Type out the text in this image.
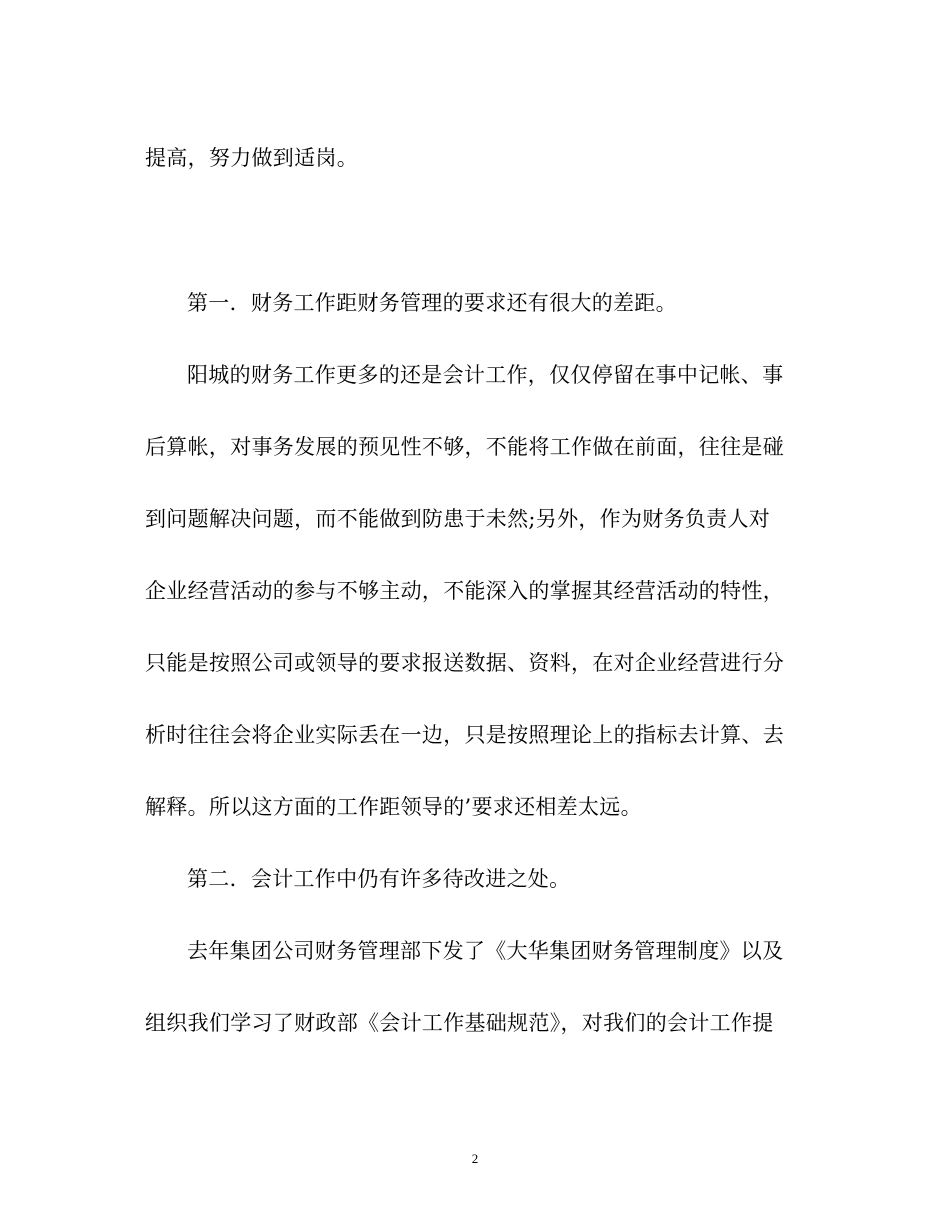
提高，努力做到适岗。
第一．财务工作距财务管理的要求还有很大的差距。
阳城的财务工作更多的还是会计工作，仅仅停留在事中记帐、事
后算帐，对事务发展的预见性不够，不能将工作做在前面，往往是碰
到问题解决问题，而不能做到防患于未然;另外，作为财务负责人对
企业经营活动的参与不够主动，不能深入的掌握其经营活动的特性，
只能是按照公司或领导的要求报送数据、资料，在对企业经营进行分
析时往往会将企业实际丢在一边，只是按照理论上的指标去计算、去
解释。所以这方面的工作距领导的’要求还相差太远。
第二．会计工作中仍有许多待改进之处。
去年集团公司财务管理部下发了《大华集团财务管理制度》以及
组织我们学习了财政部《会计工作基础规范》，对我们的会计工作提
2
